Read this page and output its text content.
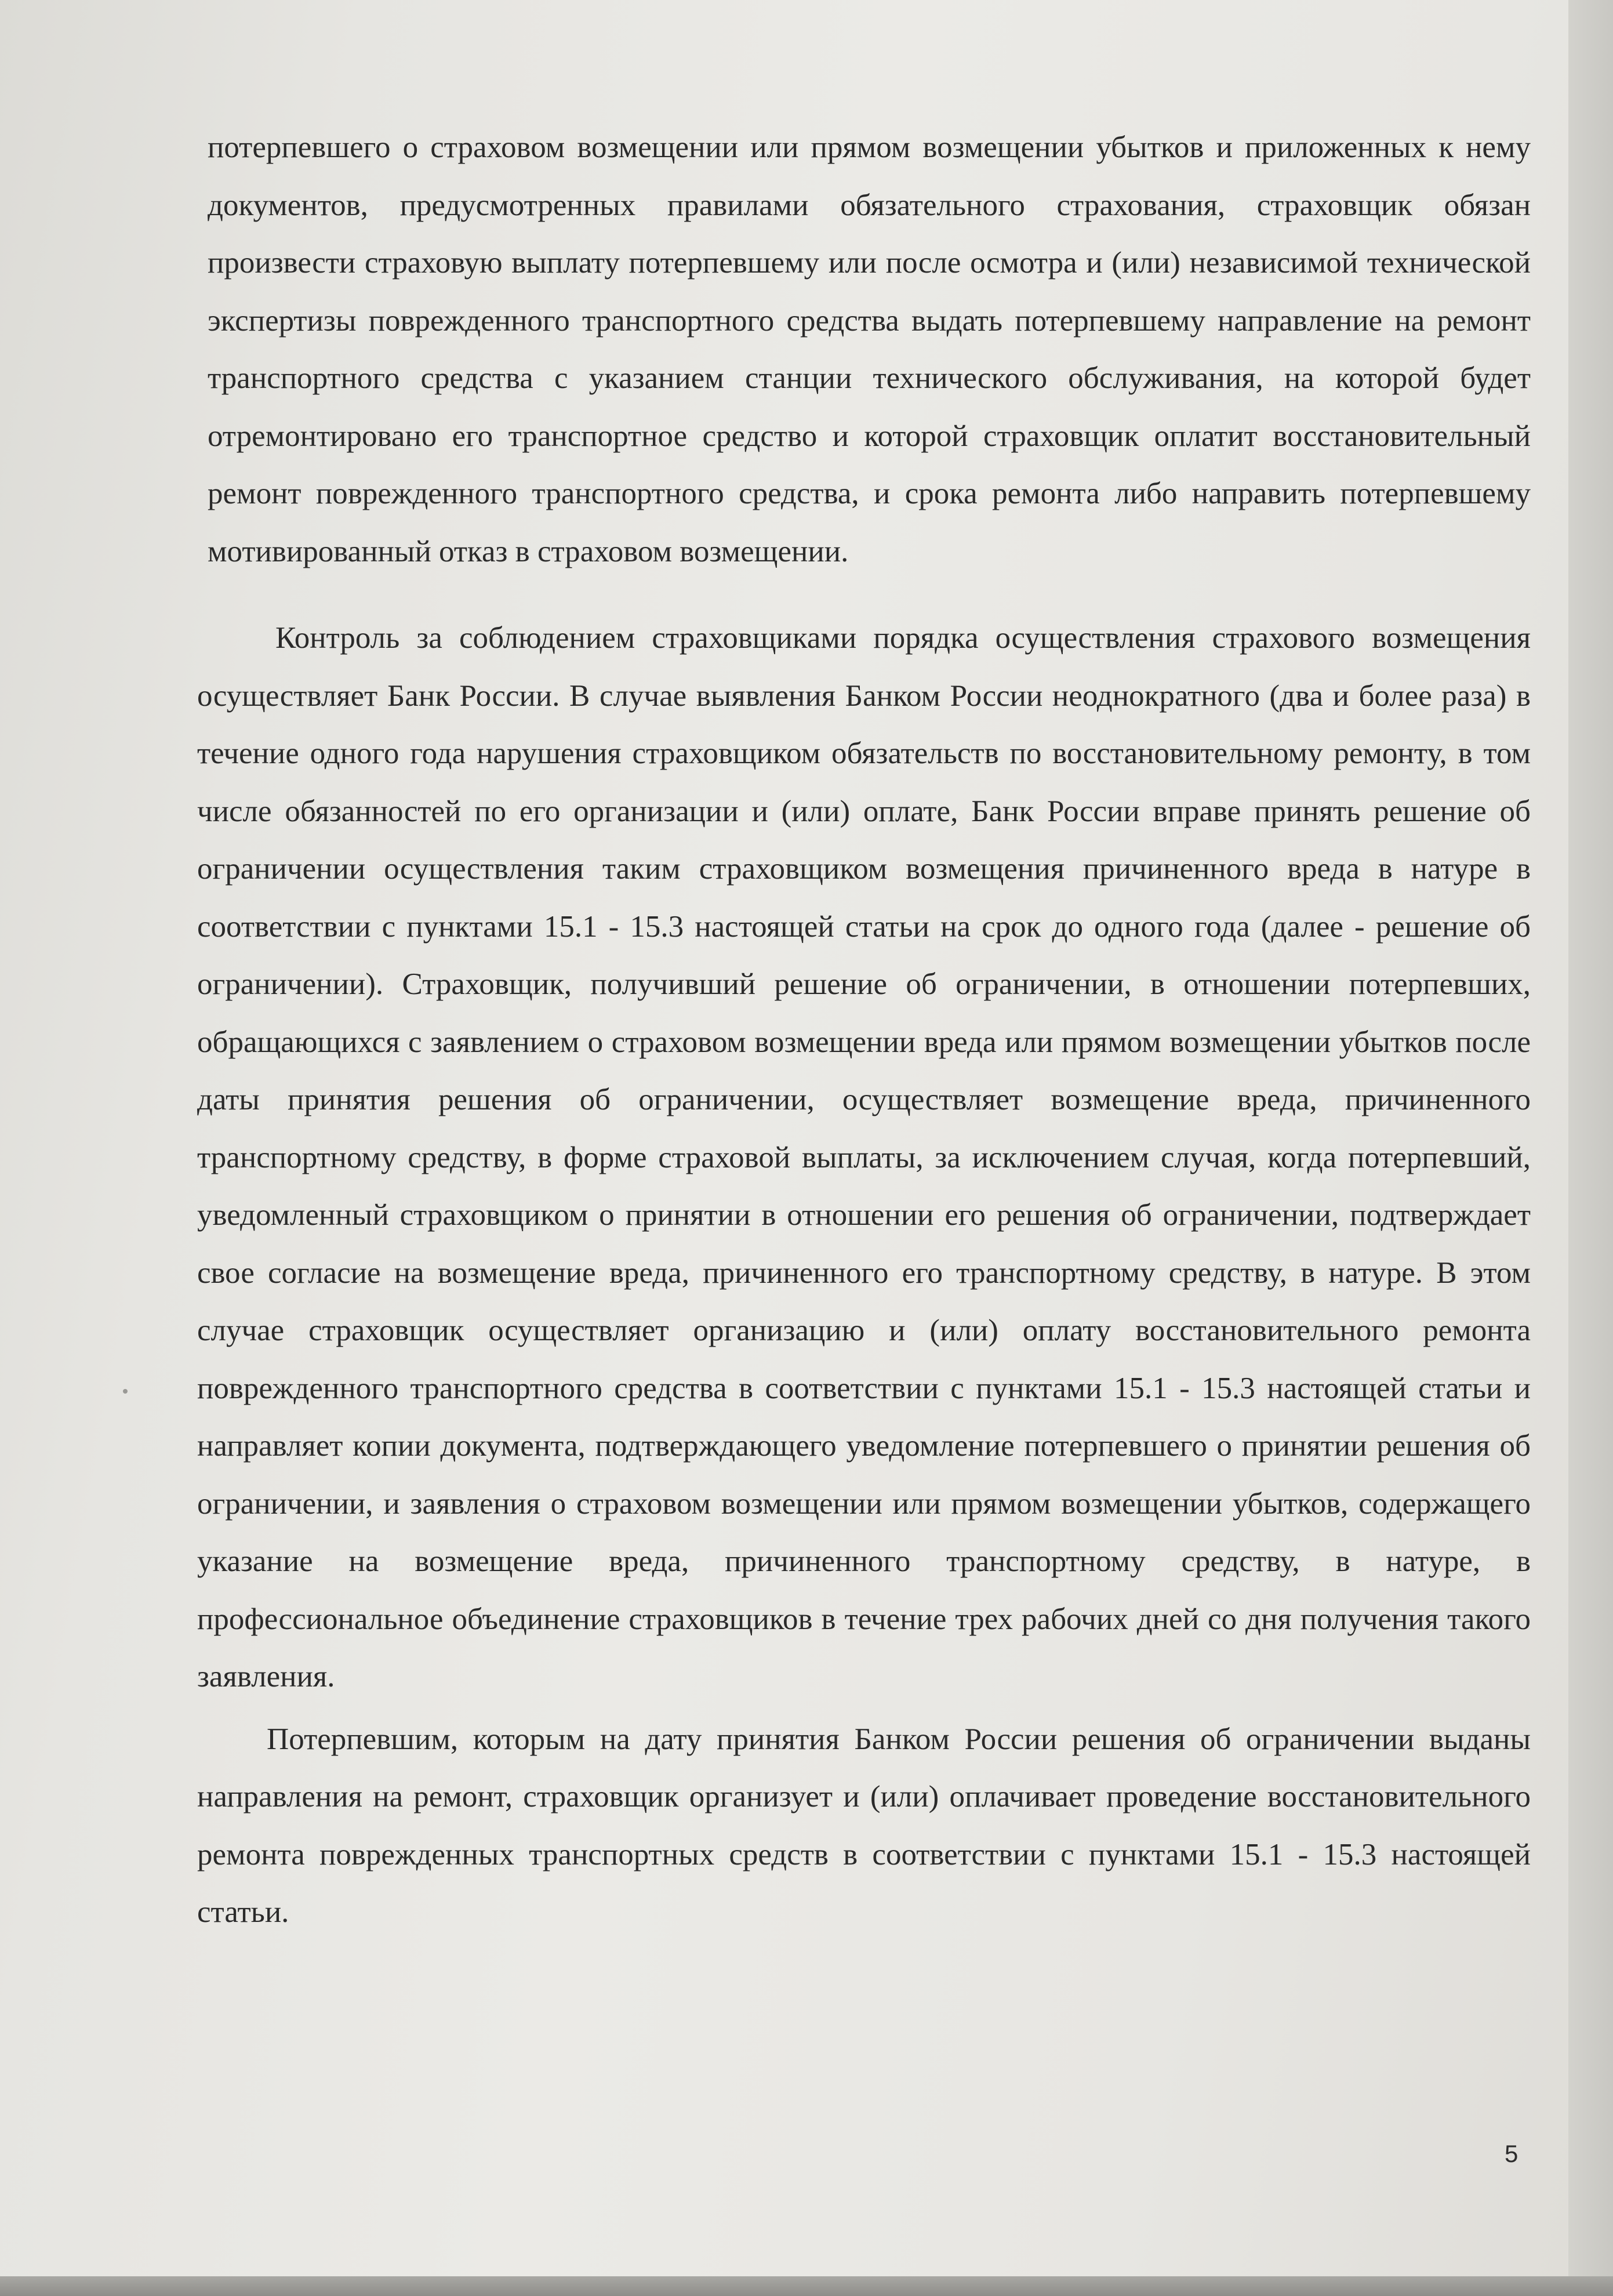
потерпевшего о страховом возмещении или прямом возмещении убытков и приложенных к нему документов, предусмотренных правилами обязательного страхования, страховщик обязан произвести страховую выплату потерпевшему или после осмотра и (или) независимой технической экспертизы поврежденного транспортного средства выдать потерпевшему направление на ремонт транспортного средства с указанием станции технического обслуживания, на которой будет отремонтировано его транспортное средство и которой страховщик оплатит восстановительный ремонт поврежденного транспортного средства, и срока ремонта либо направить потерпевшему мотивированный отказ в страховом возмещении.

Контроль за соблюдением страховщиками порядка осуществления страхового возмещения осуществляет Банк России. В случае выявления Банком России неоднократного (два и более раза) в течение одного года нарушения страховщиком обязательств по восстановительному ремонту, в том числе обязанностей по его организации и (или) оплате, Банк России вправе принять решение об ограничении осуществления таким страховщиком возмещения причиненного вреда в натуре в соответствии с пунктами 15.1 - 15.3 настоящей статьи на срок до одного года (далее - решение об ограничении). Страховщик, получивший решение об ограничении, в отношении потерпевших, обращающихся с заявлением о страховом возмещении вреда или прямом возмещении убытков после даты принятия решения об ограничении, осуществляет возмещение вреда, причиненного транспортному средству, в форме страховой выплаты, за исключением случая, когда потерпевший, уведомленный страховщиком о принятии в отношении его решения об ограничении, подтверждает свое согласие на возмещение вреда, причиненного его транспортному средству, в натуре. В этом случае страховщик осуществляет организацию и (или) оплату восстановительного ремонта поврежденного транспортного средства в соответствии с пунктами 15.1 - 15.3 настоящей статьи и направляет копии документа, подтверждающего уведомление потерпевшего о принятии решения об ограничении, и заявления о страховом возмещении или прямом возмещении убытков, содержащего указание на возмещение вреда, причиненного транспортному средству, в натуре, в профессиональное объединение страховщиков в течение трех рабочих дней со дня получения такого заявления.

Потерпевшим, которым на дату принятия Банком России решения об ограничении выданы направления на ремонт, страховщик организует и (или) оплачивает проведение восстановительного ремонта поврежденных транспортных средств в соответствии с пунктами 15.1 - 15.3 настоящей статьи.

5
